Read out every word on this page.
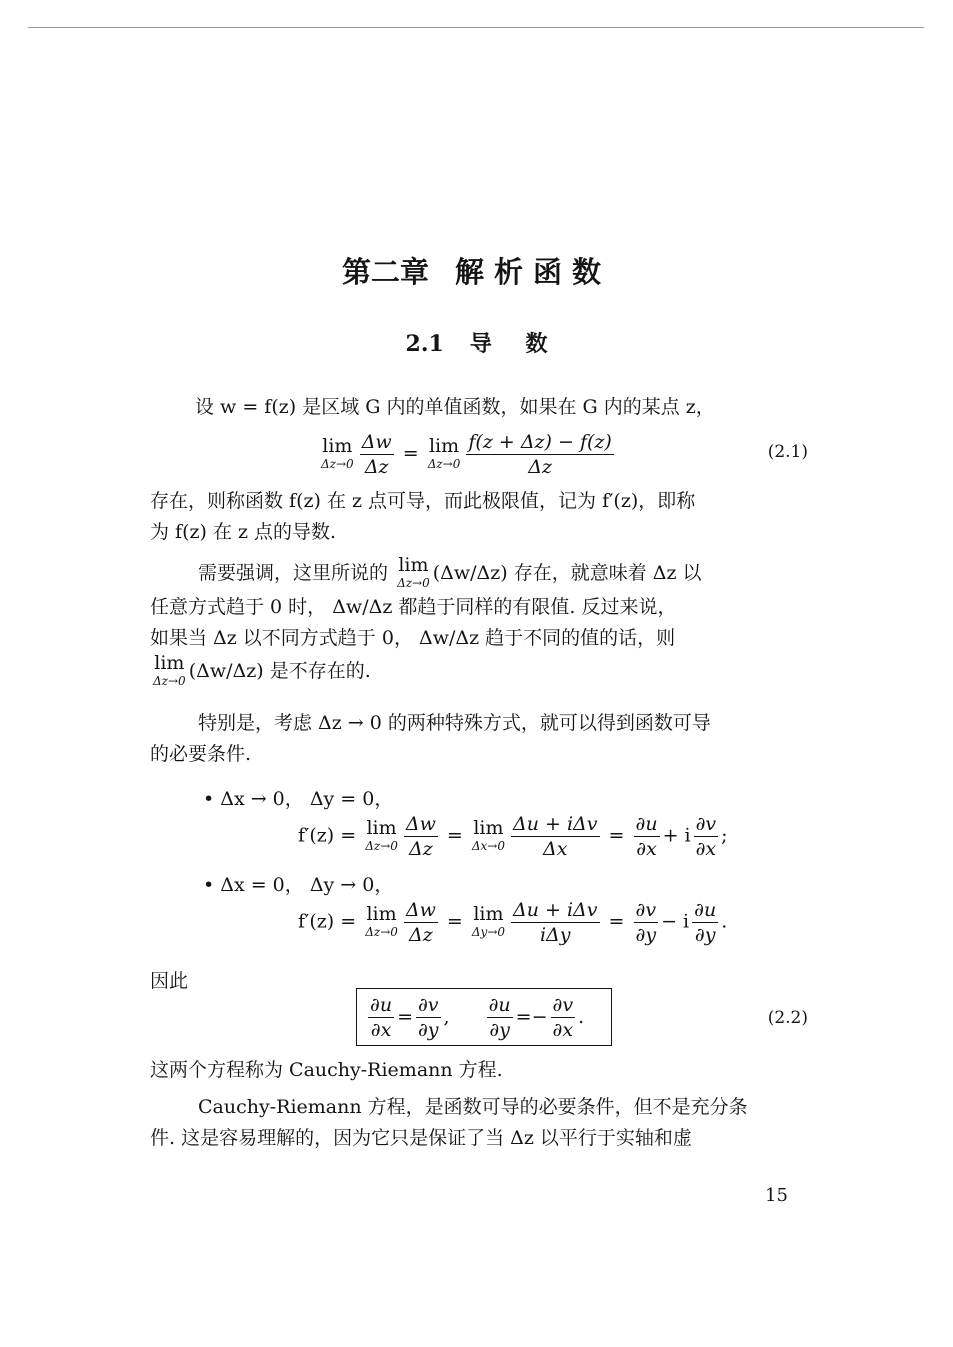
第二章 解析函数
2.1 导 数
设 w = f(z) 是区域 G 内的单值函数，如果在 G 内的某点 z，
lim
$\Delta z\to 0 \frac{\Delta w}{\Delta z} = \lim$
$\Delta z\to 0 \frac{f(z + \Delta z) - f(z)}{\Delta z}$	(2.1)
存在，则称函数 f(z) 在 z 点可导，而此极限值，记为 f′(z)，即称
为 f(z) 在 z 点的导数.
需要强调，这里所说的 lim
Δz→0 (Δw/Δz) 存在，就意味着 Δz 以
任意方式趋于 0 时， Δw/Δz 都趋于同样的有限值. 反过来说，
如果当 Δz 以不同方式趋于 0， Δw/Δz 趋于不同的值的话，则
lim
Δz→0 (Δw/Δz) 是不存在的.
特别是，考虑 Δz → 0 的两种特殊方式，就可以得到函数可导
的必要条件.
• Δx → 0， Δy = 0，
f′(z) = lim
$\Delta z\to 0 \frac{\Delta w}{\Delta z} = \lim$
$\Delta x\to 0 \frac{\text{Δu + iΔv}}{\Delta x} = \frac{\partial u}{\partial x} + i \frac{\partial v}{\partial x}$ ;
• Δx = 0， Δy → 0，
f′(z) = lim
$\Delta z\to 0 \frac{\Delta w}{\Delta z} = \lim$
$\Delta y\to 0 \frac{\text{Δu + iΔv}}{\text{iΔy}} = \frac{\partial v}{\partial y} - i \frac{\partial u}{\partial y}$ .
因此
$\frac{\partial u}{\partial x} = \frac{\partial v}{\partial y}$ , $\frac{\partial u}{\partial y}$ = − $\frac{\partial v}{\partial x}$ .	(2.2)
这两个方程称为 Cauchy-Riemann 方程.
Cauchy-Riemann 方程，是函数可导的必要条件，但不是充分条
件. 这是容易理解的，因为它只是保证了当 Δz 以平行于实轴和虚
15
